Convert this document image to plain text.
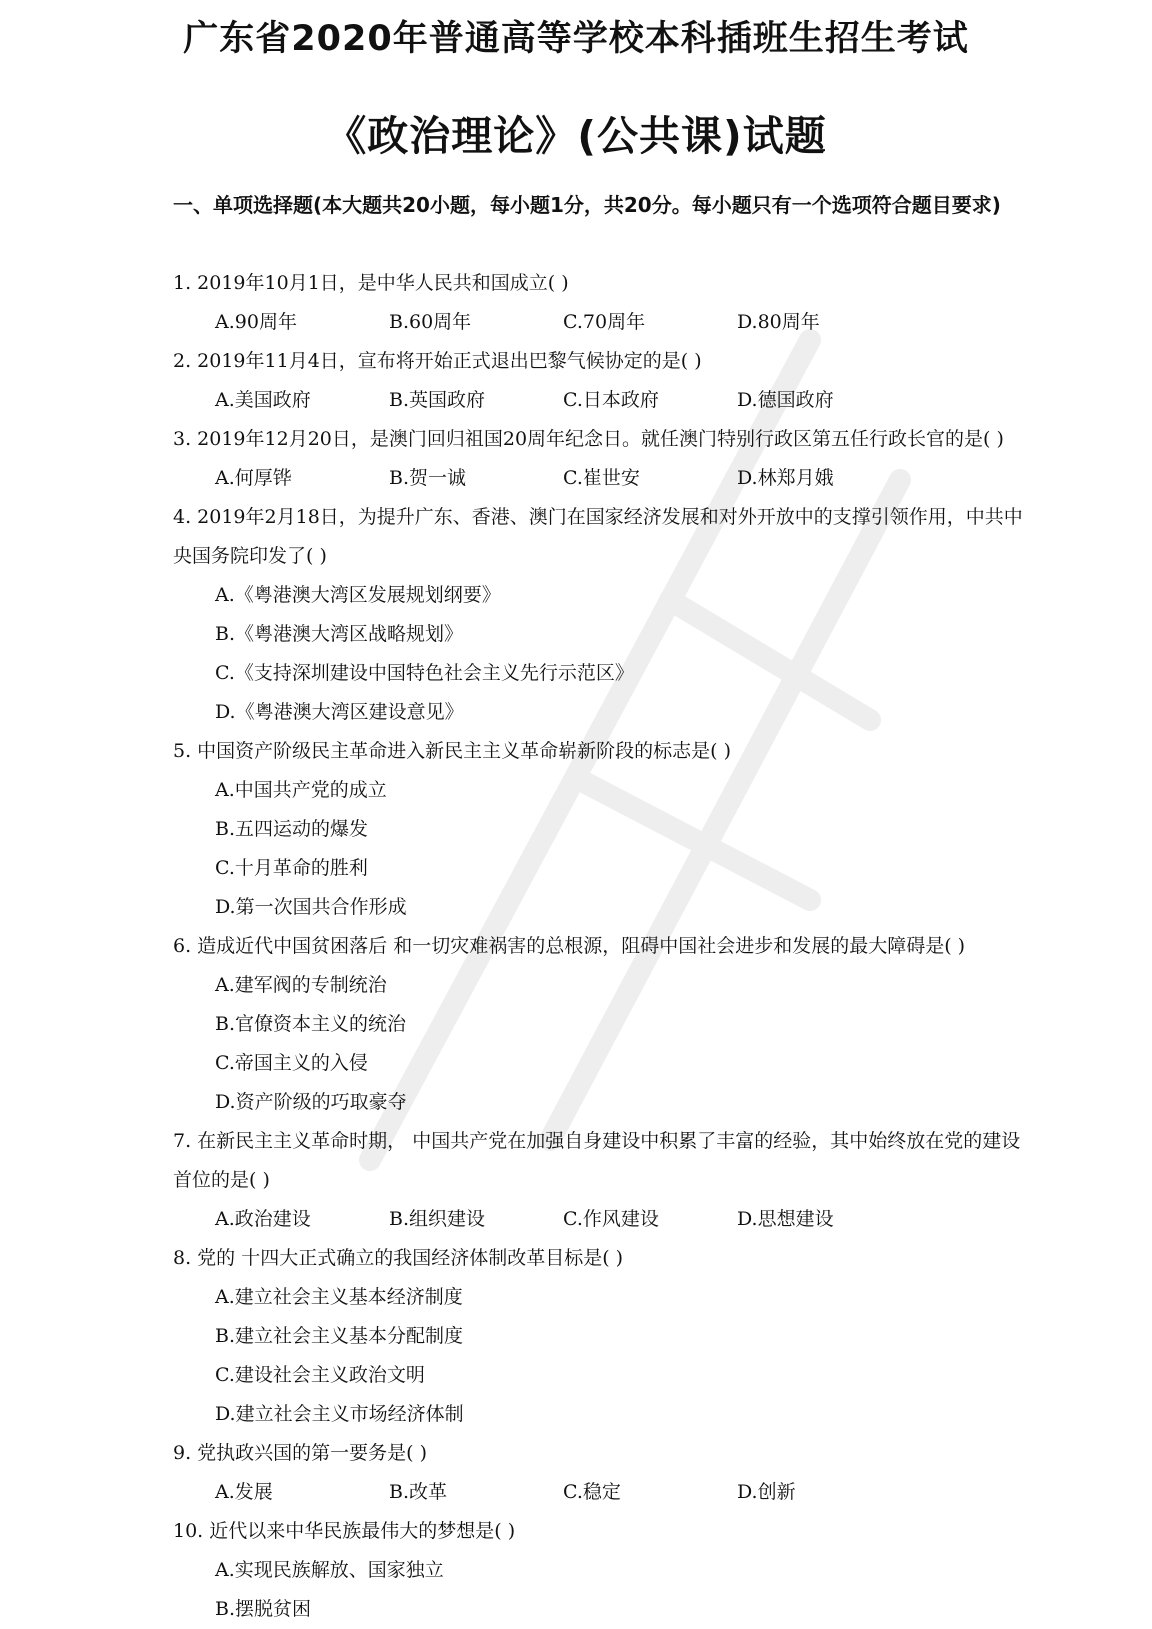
广东省2020年普通高等学校本科插班生招生考试
《政治理论》(公共课)试题
一、单项选择题(本大题共20小题，每小题1分，共20分。每小题只有一个选项符合题目要求)
1. 2019年10月1日，是中华人民共和国成立( )
A.90周年	B.60周年	C.70周年	D.80周年
2. 2019年11月4日，宣布将开始正式退出巴黎气候协定的是( )
A.美国政府	B.英国政府	C.日本政府	D.德国政府
3. 2019年12月20日，是澳门回归祖国20周年纪念日。就任澳门特别行政区第五任行政长官的是( )
A.何厚铧	B.贺一诚	C.崔世安	D.林郑月娥
4. 2019年2月18日，为提升广东、香港、澳门在国家经济发展和对外开放中的支撑引领作用，中共中央国务院印发了( )
A.《粤港澳大湾区发展规划纲要》
B.《粤港澳大湾区战略规划》
C.《支持深圳建设中国特色社会主义先行示范区》
D.《粤港澳大湾区建设意见》
5. 中国资产阶级民主革命进入新民主主义革命崭新阶段的标志是( )
A.中国共产党的成立
B.五四运动的爆发
C.十月革命的胜利
D.第一次国共合作形成
6. 造成近代中国贫困落后 和一切灾难祸害的总根源，阻碍中国社会进步和发展的最大障碍是( )
A.建军阀的专制统治
B.官僚资本主义的统治
C.帝国主义的入侵
D.资产阶级的巧取豪夺
7. 在新民主主义革命时期， 中国共产党在加强自身建设中积累了丰富的经验，其中始终放在党的建设首位的是( )
A.政治建设	B.组织建设	C.作风建设	D.思想建设
8. 党的 十四大正式确立的我国经济体制改革目标是( )
A.建立社会主义基本经济制度
B.建立社会主义基本分配制度
C.建设社会主义政治文明
D.建立社会主义市场经济体制
9. 党执政兴国的第一要务是( )
A.发展	B.改革	C.稳定	D.创新
10. 近代以来中华民族最伟大的梦想是( )
A.实现民族解放、国家独立
B.摆脱贫困
